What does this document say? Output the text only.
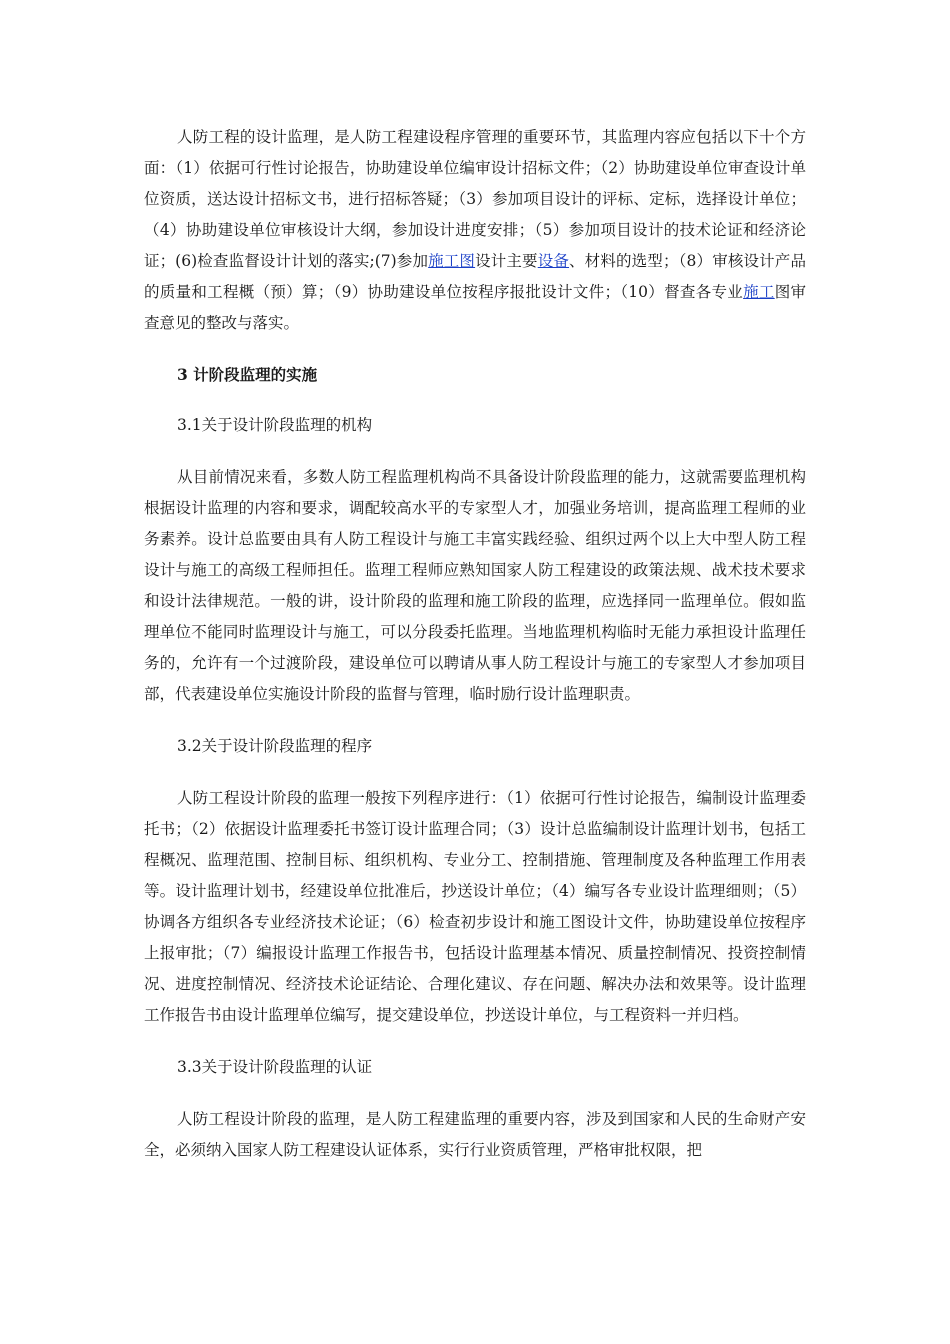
人防工程的设计监理，是人防工程建设程序管理的重要环节，其监理内容应包括以下十个方面：（1）依据可行性讨论报告，协助建设单位编审设计招标文件；（2）协助建设单位审查设计单位资质，送达设计招标文书，进行招标答疑；（3）参加项目设计的评标、定标，选择设计单位；（4）协助建设单位审核设计大纲，参加设计进度安排；（5）参加项目设计的技术论证和经济论证；(6)检查监督设计计划的落实;(7)参加施工图设计主要设备、材料的选型；（8）审核设计产品的质量和工程概（预）算；（9）协助建设单位按程序报批设计文件；（10）督查各专业施工图审查意见的整改与落实。

3 计阶段监理的实施

3.1关于设计阶段监理的机构

从目前情况来看，多数人防工程监理机构尚不具备设计阶段监理的能力，这就需要监理机构根据设计监理的内容和要求，调配较高水平的专家型人才，加强业务培训，提高监理工程师的业务素养。设计总监要由具有人防工程设计与施工丰富实践经验、组织过两个以上大中型人防工程设计与施工的高级工程师担任。监理工程师应熟知国家人防工程建设的政策法规、战术技术要求和设计法律规范。一般的讲，设计阶段的监理和施工阶段的监理，应选择同一监理单位。假如监理单位不能同时监理设计与施工，可以分段委托监理。当地监理机构临时无能力承担设计监理任务的，允许有一个过渡阶段，建设单位可以聘请从事人防工程设计与施工的专家型人才参加项目部，代表建设单位实施设计阶段的监督与管理，临时励行设计监理职责。

3.2关于设计阶段监理的程序

人防工程设计阶段的监理一般按下列程序进行：（1）依据可行性讨论报告，编制设计监理委托书；（2）依据设计监理委托书签订设计监理合同；（3）设计总监编制设计监理计划书，包括工程概况、监理范围、控制目标、组织机构、专业分工、控制措施、管理制度及各种监理工作用表等。设计监理计划书，经建设单位批准后，抄送设计单位；（4）编写各专业设计监理细则；（5）协调各方组织各专业经济技术论证；（6）检查初步设计和施工图设计文件，协助建设单位按程序上报审批；（7）编报设计监理工作报告书，包括设计监理基本情况、质量控制情况、投资控制情况、进度控制情况、经济技术论证结论、合理化建议、存在问题、解决办法和效果等。设计监理工作报告书由设计监理单位编写，提交建设单位，抄送设计单位，与工程资料一并归档。

3.3关于设计阶段监理的认证

人防工程设计阶段的监理，是人防工程建监理的重要内容，涉及到国家和人民的生命财产安全，必须纳入国家人防工程建设认证体系，实行行业资质管理，严格审批权限，把
